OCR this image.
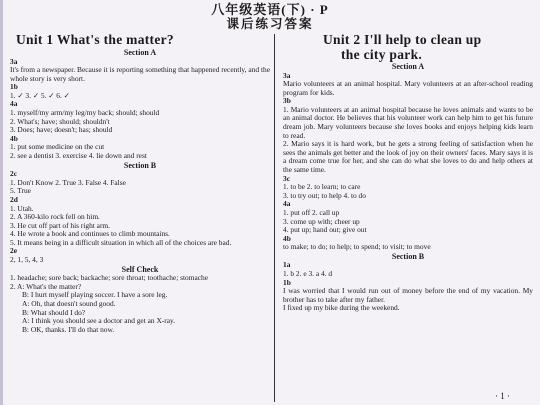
八年级英语(下) · P
课后练习答案
Unit 1 What's the matter?
Section A
3a
It's from a newspaper. Because it is reporting something that happened recently, and the whole story is very short.
1b
1. ✓ 3. ✓ 5. ✓ 6. ✓
4a
1. myself/my arm/my leg/my back; should; should
2. What's; have; should; shouldn't
3. Does; have; doesn't; has; should
4b
1. put some medicine on the cut
2. see a dentist 3. exercise 4. lie down and rest
Section B
2c
1. Don't Know 2. True 3. False 4. False
5. True
2d
1. Utah.
2. A 360-kilo rock fell on him.
3. He cut off part of his right arm.
4. He wrote a book and continues to climb mountains.
5. It means being in a difficult situation in which all of the choices are bad.
2e
2, 1, 5, 4, 3
Self Check
1. headache; sore back; backache; sore throat; toothache; stomache
2. A: What's the matter?
B: I hurt myself playing soccer. I have a sore leg.
A: Oh, that doesn't sound good.
B: What should I do?
A: I think you should see a doctor and get an X-ray.
B: OK, thanks. I'll do that now.
Unit 2 I'll help to clean up
the city park.
Section A
3a
Mario volunteers at an animal hospital. Mary volunteers at an after-school reading program for kids.
3b
1. Mario volunteers at an animal hospital because he loves animals and wants to be an animal doctor. He believes that his volunteer work can help him to get his future dream job. Mary volunteers because she loves books and enjoys helping kids learn to read.
2. Mario says it is hard work, but he gets a strong feeling of satisfaction when he sees the animals get better and the look of joy on their owners' faces. Mary says it is a dream come true for her, and she can do what she loves to do and help others at the same time.
3c
1. to be 2. to learn; to care
3. to try out; to help 4. to do
4a
1. put off 2. call up
3. come up with; cheer up
4. put up; hand out; give out
4b
to make; to do; to help; to spend; to visit; to move
Section B
1a
1. b 2. e 3. a 4. d
1b
I was worried that I would run out of money before the end of my vacation. My brother has to take after my father.
I fixed up my bike during the weekend.
· 1 ·
